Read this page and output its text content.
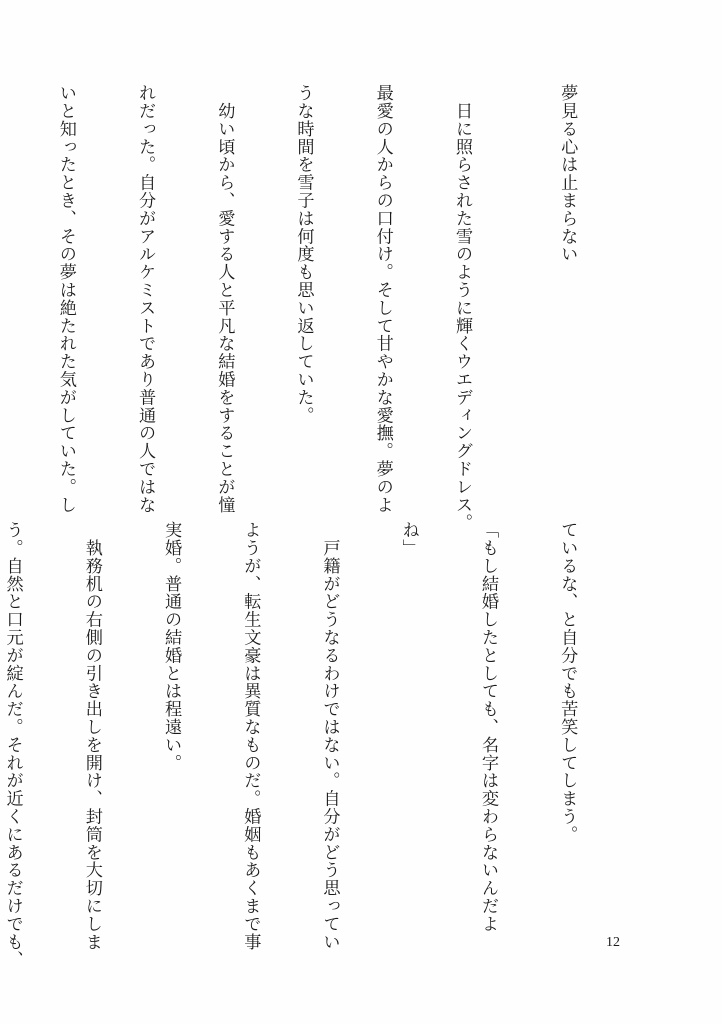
夢見る心は止まらない

　日に照らされた雪のように輝くウエディングドレス。

最愛の人からの口付け。そして甘やかな愛撫。夢のよ

うな時間を雪子は何度も思い返していた。

　幼い頃から、愛する人と平凡な結婚をすることが憧

れだった。自分がアルケミストであり普通の人ではな

いと知ったとき、その夢は絶たれた気がしていた。し

ているな、と自分でも苦笑してしまう。

「もし結婚したとしても、名字は変わらないんだよ

ね」

　戸籍がどうなるわけではない。自分がどう思ってい

ようが、転生文豪は異質なものだ。婚姻もあくまで事

実婚。普通の結婚とは程遠い。

　執務机の右側の引き出しを開け、封筒を大切にしま

う。自然と口元が綻んだ。それが近くにあるだけでも、

	12
